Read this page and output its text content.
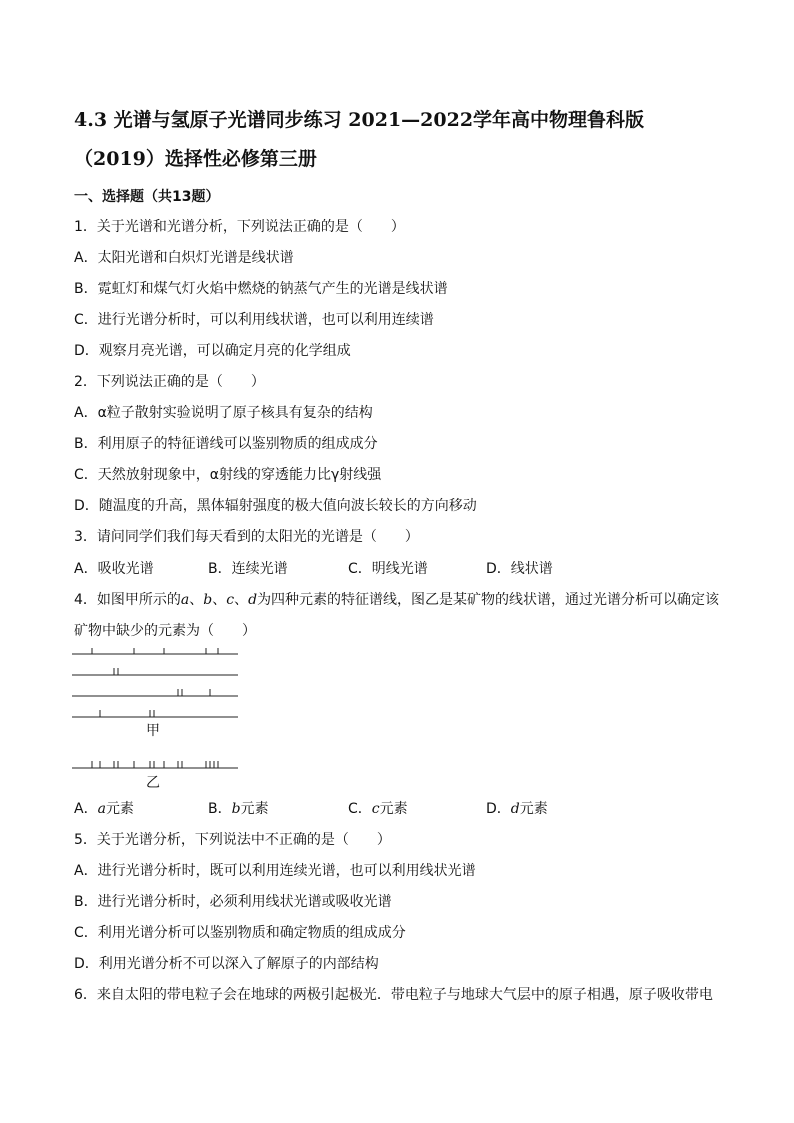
4.3 光谱与氢原子光谱同步练习 2021—2022学年高中物理鲁科版
（2019）选择性必修第三册
一、选择题（共13题）
1．关于光谱和光谱分析，下列说法正确的是（　　）
A．太阳光谱和白炽灯光谱是线状谱
B．霓虹灯和煤气灯火焰中燃烧的钠蒸气产生的光谱是线状谱
C．进行光谱分析时，可以利用线状谱，也可以利用连续谱
D．观察月亮光谱，可以确定月亮的化学组成
2．下列说法正确的是（　　）
A．α粒子散射实验说明了原子核具有复杂的结构
B．利用原子的特征谱线可以鉴别物质的组成成分
C．天然放射现象中，α射线的穿透能力比γ射线强
D．随温度的升高，黑体辐射强度的极大值向波长较长的方向移动
3．请问同学们我们每天看到的太阳光的光谱是（　　）
A．吸收光谱	B．连续光谱	C．明线光谱	D．线状谱
4．如图甲所示的a、b、c、d为四种元素的特征谱线，图乙是某矿物的线状谱，通过光谱分析可以确定该
矿物中缺少的元素为（　　）
甲
乙
A．a元素	B．b元素	C．c元素	D．d元素
5．关于光谱分析，下列说法中不正确的是（　　）
A．进行光谱分析时，既可以利用连续光谱，也可以利用线状光谱
B．进行光谱分析时，必须利用线状光谱或吸收光谱
C．利用光谱分析可以鉴别物质和确定物质的组成成分
D．利用光谱分析不可以深入了解原子的内部结构
6．来自太阳的带电粒子会在地球的两极引起极光．带电粒子与地球大气层中的原子相遇，原子吸收带电
